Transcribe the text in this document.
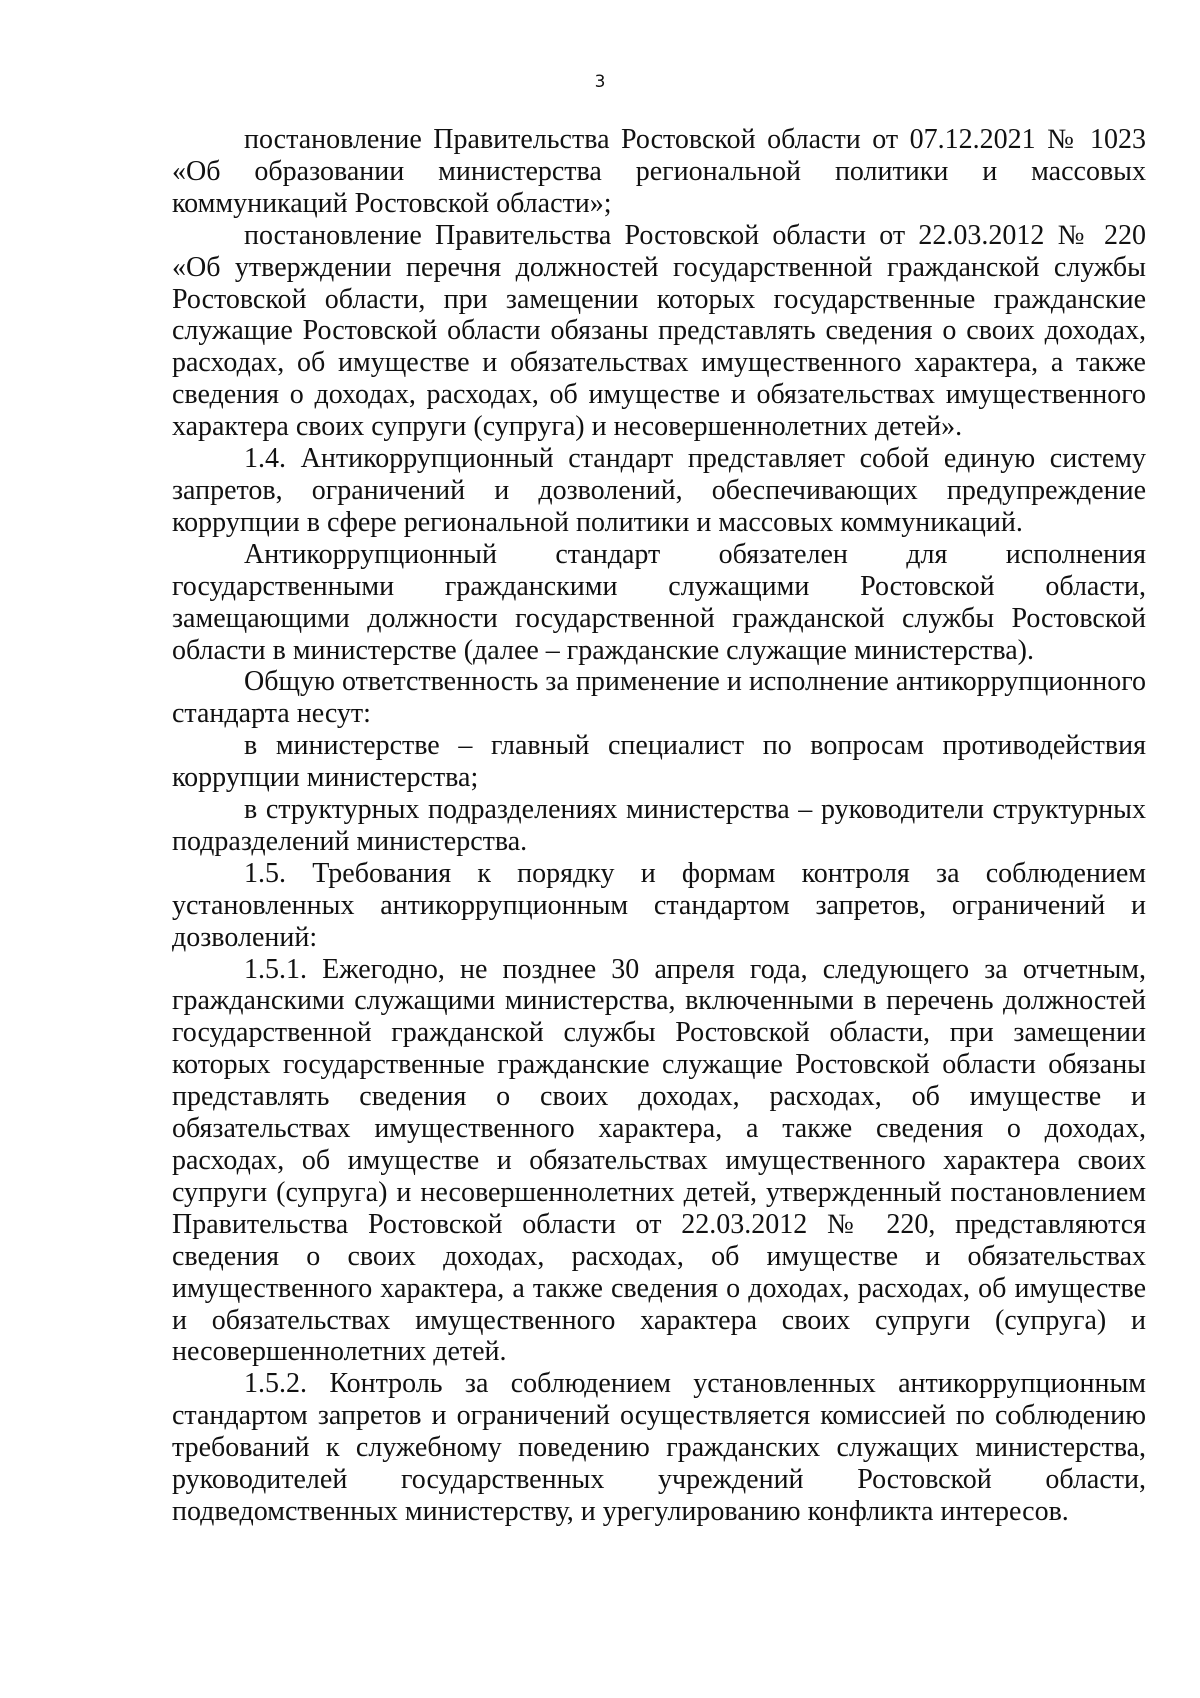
3

постановление Правительства Ростовской области от 07.12.2021 № 1023 «Об образовании министерства региональной политики и массовых коммуникаций Ростовской области»;

постановление Правительства Ростовской области от 22.03.2012 № 220 «Об утверждении перечня должностей государственной гражданской службы Ростовской области, при замещении которых государственные гражданские служащие Ростовской области обязаны представлять сведения о своих доходах, расходах, об имуществе и обязательствах имущественного характера, а также сведения о доходах, расходах, об имуществе и обязательствах имущественного характера своих супруги (супруга) и несовершеннолетних детей».

1.4. Антикоррупционный стандарт представляет собой единую систему запретов, ограничений и дозволений, обеспечивающих предупреждение коррупции в сфере региональной политики и массовых коммуникаций.

Антикоррупционный стандарт обязателен для исполнения государственными гражданскими служащими Ростовской области, замещающими должности государственной гражданской службы Ростовской области в министерстве (далее – гражданские служащие министерства).

Общую ответственность за применение и исполнение антикоррупционного стандарта несут:

в министерстве – главный специалист по вопросам противодействия коррупции министерства;

в структурных подразделениях министерства – руководители структурных подразделений министерства.

1.5. Требования к порядку и формам контроля за соблюдением установленных антикоррупционным стандартом запретов, ограничений и дозволений:

1.5.1. Ежегодно, не позднее 30 апреля года, следующего за отчетным, гражданскими служащими министерства, включенными в перечень должностей государственной гражданской службы Ростовской области, при замещении которых государственные гражданские служащие Ростовской области обязаны представлять сведения о своих доходах, расходах, об имуществе и обязательствах имущественного характера, а также сведения о доходах, расходах, об имуществе и обязательствах имущественного характера своих супруги (супруга) и несовершеннолетних детей, утвержденный постановлением Правительства Ростовской области от 22.03.2012 № 220, представляются сведения о своих доходах, расходах, об имуществе и обязательствах имущественного характера, а также сведения о доходах, расходах, об имуществе и обязательствах имущественного характера своих супруги (супруга) и несовершеннолетних детей.

1.5.2. Контроль за соблюдением установленных антикоррупционным стандартом запретов и ограничений осуществляется комиссией по соблюдению требований к служебному поведению гражданских служащих министерства, руководителей государственных учреждений Ростовской области, подведомственных министерству, и урегулированию конфликта интересов.
